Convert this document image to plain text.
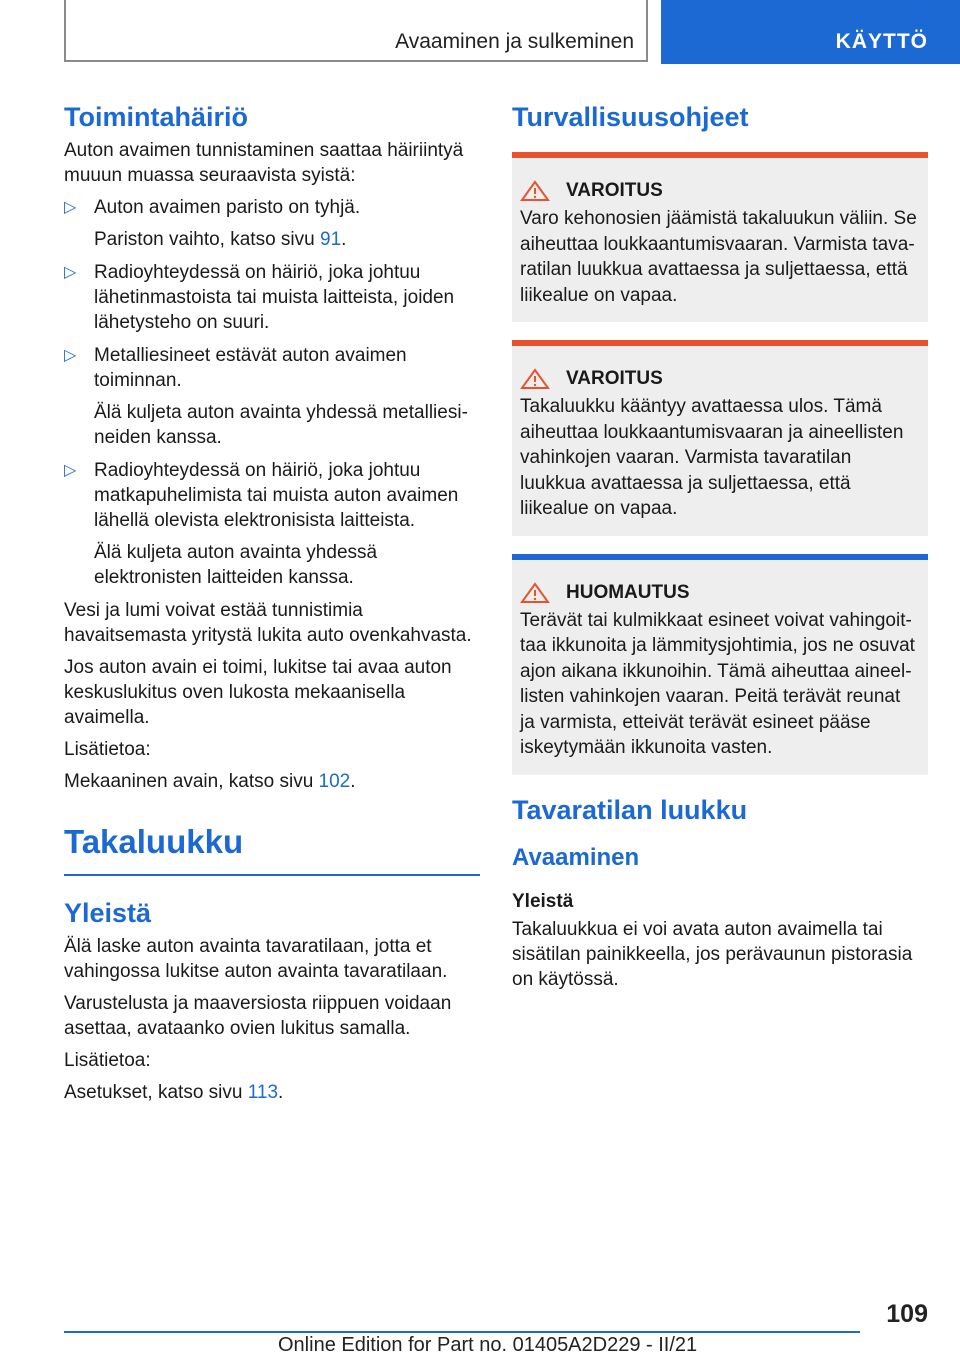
Avaaminen ja sulkeminen	KÄYTTÖ
Toimintahäiriö

Auton avaimen tunnistaminen saattaa häiriintyä muuun muassa seuraavista syistä:

▷ Auton avaimen paristo on tyhjä.
Pariston vaihto, katso sivu 91.
▷ Radioyhteydessä on häiriö, joka johtuu lähetinmastoista tai muista laitteista, joiden lähetysteho on suuri.
▷ Metalliesineet estävät auton avaimen toiminnan.
Älä kuljeta auton avainta yhdessä metalliesineiden kanssa.
▷ Radioyhteydessä on häiriö, joka johtuu matkapuhelimista tai muista auton avaimen lähellä olevista elektronisista laitteista.
Älä kuljeta auton avainta yhdessä elektronisten laitteiden kanssa.

Vesi ja lumi voivat estää tunnistimia havaitsemasta yritystä lukita auto ovenkahvasta.

Jos auton avain ei toimi, lukitse tai avaa auton keskuslukitus oven lukosta mekaanisella avaimella.

Lisätietoa:

Mekaaninen avain, katso sivu 102.

Takaluukku
Yleistä

Älä laske auton avainta tavaratilaan, jotta et vahingossa lukitse auton avainta tavaratilaan.

Varustelusta ja maaversiosta riippuen voidaan asettaa, avataanko ovien lukitus samalla.

Lisätietoa:

Asetukset, katso sivu 113.

Turvallisuusohjeet
VAROITUS

Varo kehonosien jäämistä takaluukun väliin. Se aiheuttaa loukkaantumisvaaran. Varmista tavaratilan luukkua avattaessa ja suljettaessa, että liikealue on vapaa.

VAROITUS

Takaluukku kääntyy avattaessa ulos. Tämä aiheuttaa loukkaantumisvaaran ja aineellisten vahinkojen vaaran. Varmista tavaratilan luukkua avattaessa ja suljettaessa, että liikealue on vapaa.

HUOMAUTUS

Terävät tai kulmikkaat esineet voivat vahingoittaa ikkunoita ja lämmitysjohtimia, jos ne osuvat ajon aikana ikkunoihin. Tämä aiheuttaa aineellisten vahinkojen vaaran. Peitä terävät reunat ja varmista, etteivät terävät esineet pääse iskeytymään ikkunoita vasten.

Tavaratilan luukku
Avaaminen
Yleistä

Takaluukkua ei voi avata auton avaimella tai sisätilan painikkeella, jos perävaunun pistorasia on käytössä.

109
Online Edition for Part no. 01405A2D229 - II/21
